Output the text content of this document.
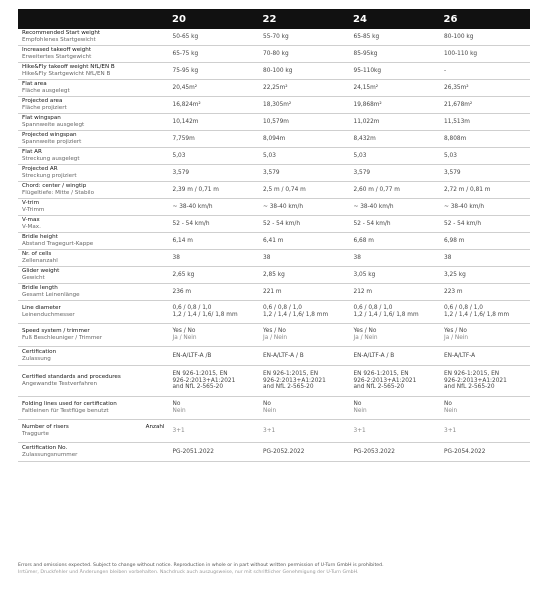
	20	22	24	26

Recommended Start weight
Empfohlenes Startgewicht	50-65 kg	55-70 kg	65-85 kg	80-100 kg

Increased takeoff weight
Erweitertes Startgewicht	65-75 kg	70-80 kg	85-95kg	100-110 kg

Hike&Fly takeoff weight NfL/EN B
Hike&Fly Startgewicht NfL/EN B	75-95 kg	80-100 kg	95-110kg	-

Flat area
Fläche ausgelegt	20,45m²	22,25m²	24,15m²	26,35m²

Projected area
Fläche projiziert	16,824m²	18,305m²	19,868m²	21,678m²

Flat wingspan
Spannweite ausgelegt	10,142m	10,579m	11,022m	11,513m

Projected wingspan
Spannweite projiziert	7,759m	8,094m	8,432m	8,808m

Flat AR
Streckung ausgelegt	5,03	5,03	5,03	5,03

Projected AR
Streckung projiziert	3,579	3,579	3,579	3,579

Chord: center / wingtip
Flügeltiefe: Mitte / Stabilo	2,39 m / 0,71 m	2,5 m / 0,74 m	2,60 m / 0,77 m	2,72 m / 0,81 m

V-trim
V-Trimm	~ 38-40 km/h	~ 38-40 km/h	~ 38-40 km/h	~ 38-40 km/h

V-max
V-Max.	52 - 54 km/h	52 - 54 km/h	52 - 54 km/h	52 - 54 km/h

Bridle height
Abstand Tragegurt-Kappe	6,14 m	6,41 m	6,68 m	6,98 m

Nr. of cells
Zellenanzahl	38	38	38	38

Glider weight
Gewicht	2,65 kg	2,85 kg	3,05 kg	3,25 kg

Bridle length
Gesamt Leinenlänge	236 m	221 m	212 m	223 m

Line diameter
Leinenduchmesser	0,6 / 0,8 / 1,0
1,2 / 1,4 / 1,6/ 1,8 mm	0,6 / 0,8 / 1,0
1,2 / 1,4 / 1,6/ 1,8 mm	0,6 / 0,8 / 1,0
1,2 / 1,4 / 1,6/ 1,8 mm	0,6 / 0,8 / 1,0
1,2 / 1,4 / 1,6/ 1,8 mm

Speed system / trimmer
Fuß Beschleuniger / Trimmer	Yes / No
Ja / Nein	Yes / No
Ja / Nein	Yes / No
Ja / Nein	Yes / No
Ja / Nein

Certification
Zulassung	EN-A/LTF-A /B	EN-A/LTF-A / B	EN-A/LTF-A / B	EN-A/LTF-A

Certified standards and procedures
Angewandte Testverfahren	EN 926-1:2015, EN
926-2:2013+A1:2021
and NfL 2-565-20	EN 926-1:2015, EN
926-2:2013+A1:2021
and NfL 2-565-20	EN 926-1:2015, EN
926-2:2013+A1:2021
and NfL 2-565-20	EN 926-1:2015, EN
926-2:2013+A1:2021
and NfL 2-565-20

Folding lines used for certification
Faltleinen für Testflüge benutzt	No
Nein	No
Nein	No
Nein	No
Nein

Number of risers Anzahl
Traggurte	3+1	3+1	3+1	3+1

Certification No.
Zulassungsnummer	PG-2051.2022	PG-2052.2022	PG-2053.2022	PG-2054.2022
Errors and omissions expected. Subject to change without notice. Reproduction in whole or in part without written permission of U-Turn GmbH is prohibited.
Irrtümer, Druckfehler und Änderungen bleiben vorbehalten. Nachdruck auch auszugsweise, nur mit schriftlicher Genehmigung der U-Turn GmbH.
